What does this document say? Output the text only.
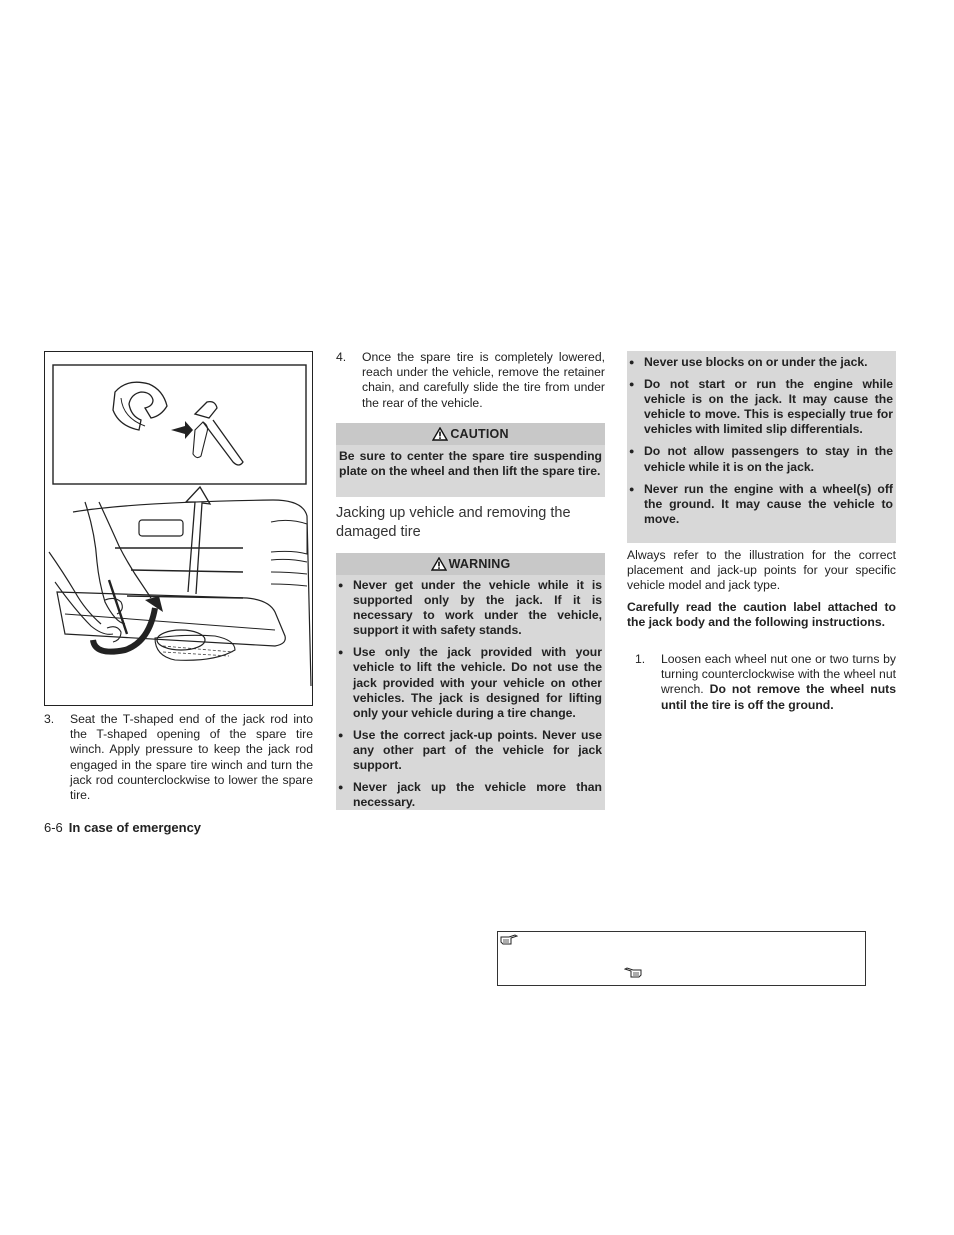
3.	Seat the T-shaped end of the jack rod into the T-shaped opening of the spare tire winch. Apply pressure to keep the jack rod engaged in the spare tire winch and turn the jack rod counterclockwise to lower the spare tire.
4.	Once the spare tire is completely lowered, reach under the vehicle, remove the retainer chain, and carefully slide the tire from under the rear of the vehicle.
CAUTION
Be sure to center the spare tire suspending plate on the wheel and then lift the spare tire.
Jacking up vehicle and removing the damaged tire
WARNING
● Never get under the vehicle while it is supported only by the jack. If it is necessary to work under the vehicle, support it with safety stands.
● Use only the jack provided with your vehicle to lift the vehicle. Do not use the jack provided with your vehicle on other vehicles. The jack is designed for lifting only your vehicle during a tire change.
● Use the correct jack-up points. Never use any other part of the vehicle for jack support.
● Never jack up the vehicle more than necessary.
● Never use blocks on or under the jack.
● Do not start or run the engine while vehicle is on the jack. It may cause the vehicle to move. This is especially true for vehicles with limited slip differentials.
● Do not allow passengers to stay in the vehicle while it is on the jack.
● Never run the engine with a wheel(s) off the ground. It may cause the vehicle to move.
Always refer to the illustration for the correct placement and jack-up points for your specific vehicle model and jack type.
Carefully read the caution label attached to the jack body and the following instructions.
1.	Loosen each wheel nut one or two turns by turning counterclockwise with the wheel nut wrench. Do not remove the wheel nuts until the tire is off the ground.
6-6 In case of emergency
